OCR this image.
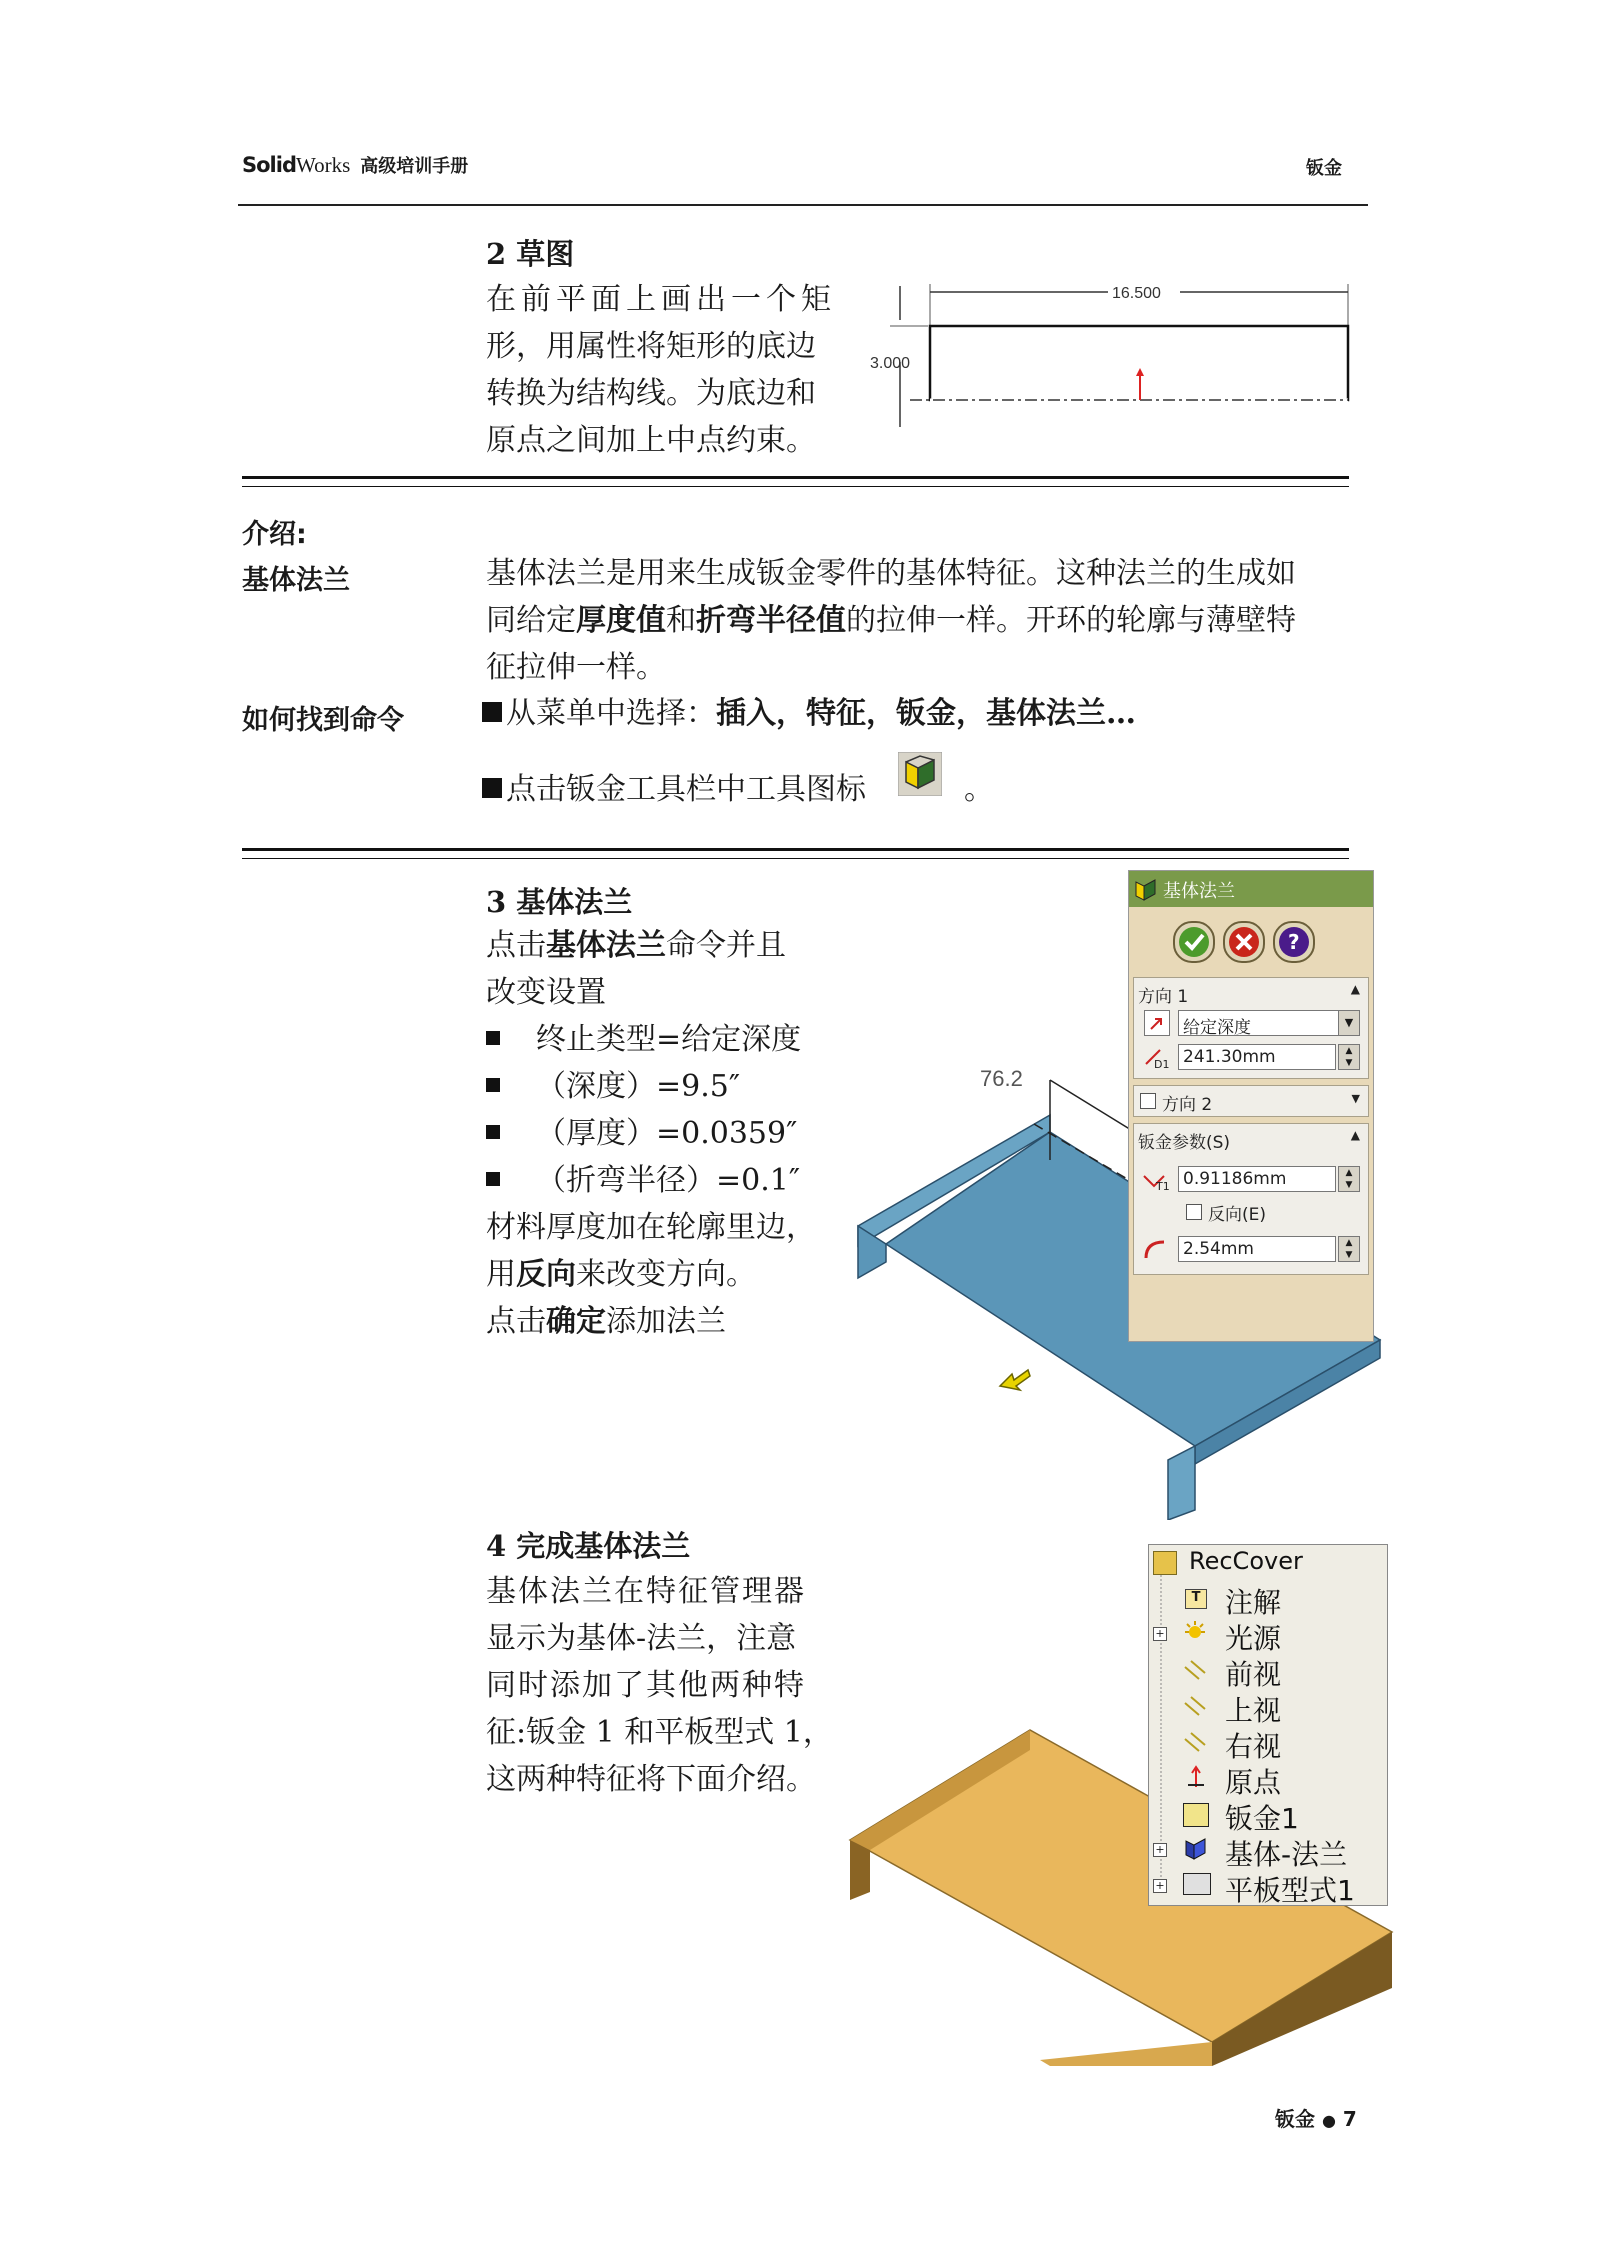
SolidWorks 高级培训手册	钣金
2 草图
在前平面上画出一个矩
形，用属性将矩形的底边
转换为结构线。为底边和
原点之间加上中点约束。
16.500
3.000
介绍:
基体法兰	基体法兰是用来生成钣金零件的基体特征。这种法兰的生成如
同给定厚度值和折弯半径值的拉伸一样。开环的轮廓与薄壁特
征拉伸一样。
如何找到命令	从菜单中选择：插入，特征，钣金，基体法兰…
点击钣金工具栏中工具图标	。
3 基体法兰
点击基体法兰命令并且
改变设置
终止类型=给定深度
（深度）=9.5″
（厚度）=0.0359″
（折弯半径）=0.1″
材料厚度加在轮廓里边，
用反向来改变方向。
点击确定添加法兰
76.2
基体法兰
?
方向 1	▲
给定深度	▼
D1 241.30mm	▲
▼
方向 2	▼
钣金参数(S)	▲
T1 0.91186mm	▲
▼
反向(E)
2.54mm	▲
▼
4 完成基体法兰
基体法兰在特征管理器
显示为基体-法兰，注意
同时添加了其他两种特
征:钣金 1 和平板型式 1，
这两种特征将下面介绍。
RecCover
T 注解
+ 光源
前视
上视
右视
原点
钣金1
+ 基体-法兰
+ 平板型式1
钣金 ● 7
